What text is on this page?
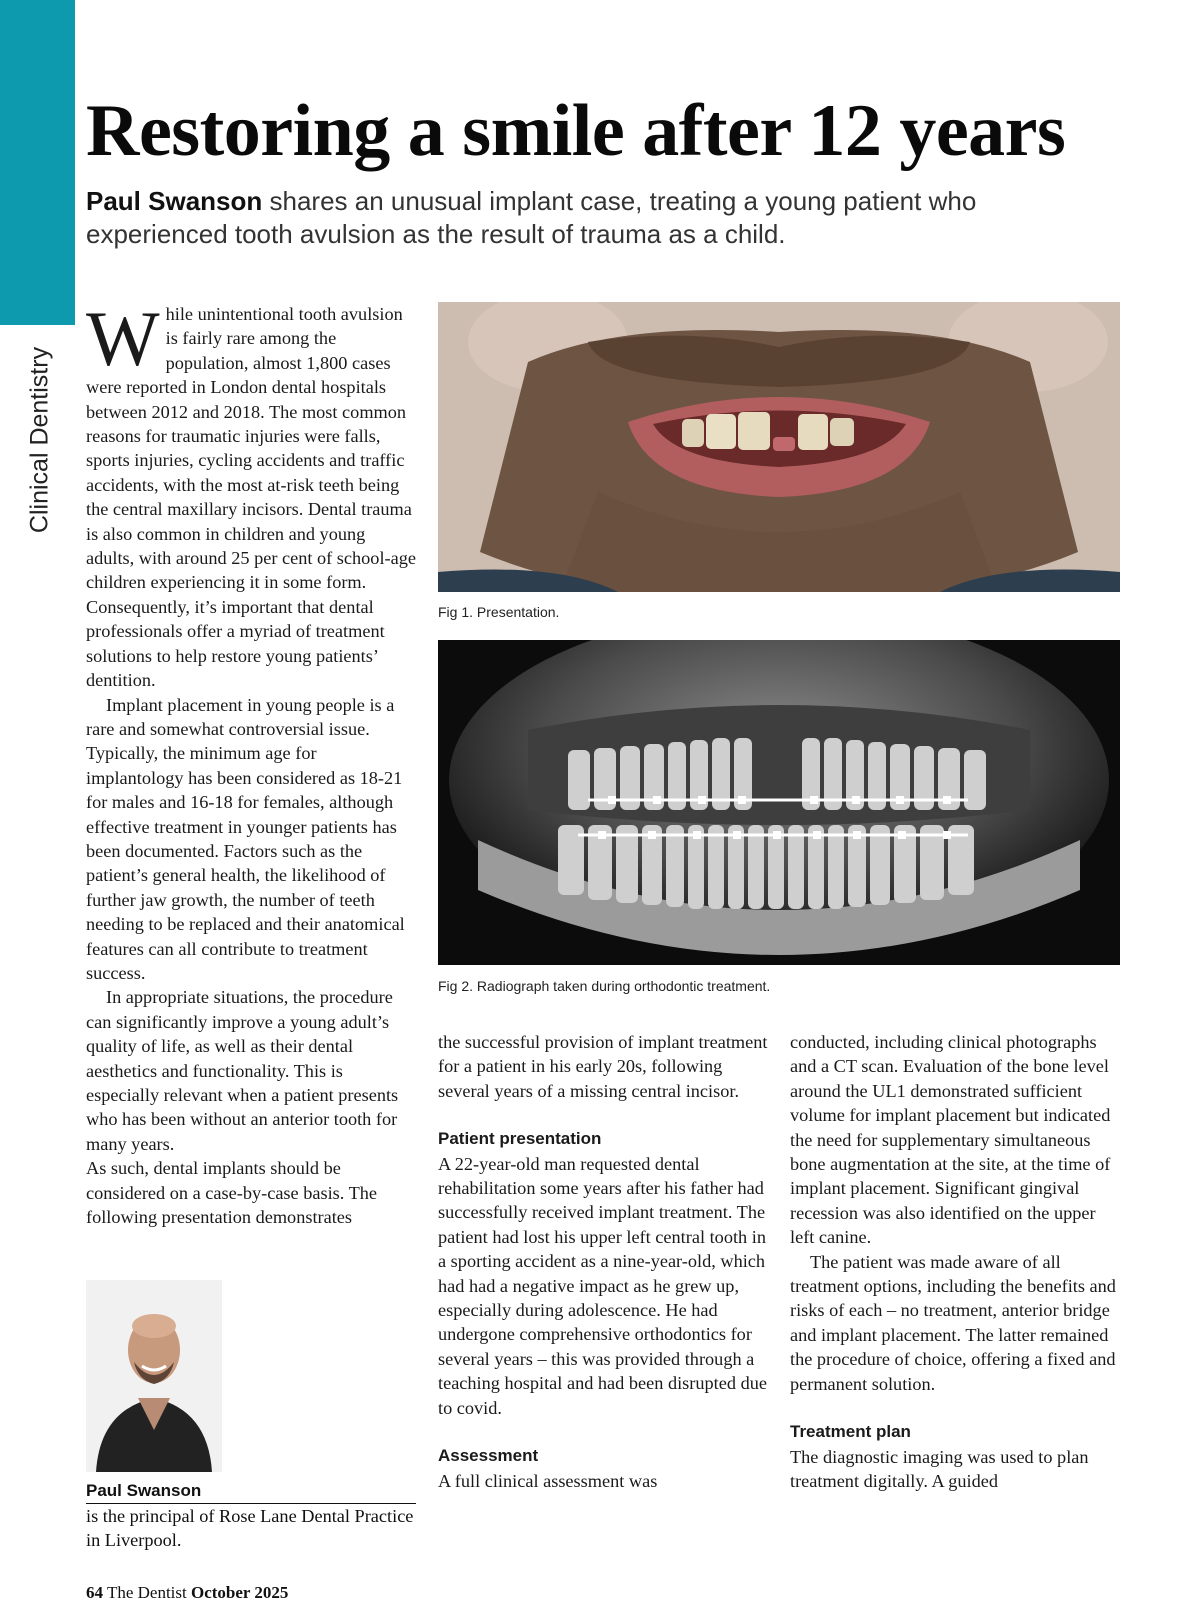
Clinical Dentistry
Restoring a smile after 12 years

Paul Swanson shares an unusual implant case, treating a young patient who experienced tooth avulsion as the result of trauma as a child.

While unintentional tooth avulsion is fairly rare among the population, almost 1,800 cases were reported in London dental hospitals between 2012 and 2018. The most common reasons for traumatic injuries were falls, sports injuries, cycling accidents and traffic accidents, with the most at-risk teeth being the central maxillary incisors. Dental trauma is also common in children and young adults, with around 25 per cent of school-age children experiencing it in some form. Consequently, it’s important that dental professionals offer a myriad of treatment solutions to help restore young patients’ dentition.

Implant placement in young people is a rare and somewhat controversial issue. Typically, the minimum age for implantology has been considered as 18-21 for males and 16-18 for females, although effective treatment in younger patients has been documented. Factors such as the patient’s general health, the likelihood of further jaw growth, the number of teeth needing to be replaced and their anatomical features can all contribute to treatment success.

In appropriate situations, the procedure can significantly improve a young adult’s quality of life, as well as their dental aesthetics and functionality. This is especially relevant when a patient presents who has been without an anterior tooth for many years.

As such, dental implants should be considered on a case-by-case basis. The following presentation demonstrates

Fig 1. Presentation.
Fig 2. Radiograph taken during orthodontic treatment.

the successful provision of implant treatment for a patient in his early 20s, following several years of a missing central incisor.

Patient presentation

A 22-year-old man requested dental rehabilitation some years after his father had successfully received implant treatment. The patient had lost his upper left central tooth in a sporting accident as a nine-year-old, which had had a negative impact as he grew up, especially during adolescence. He had undergone comprehensive orthodontics for several years – this was provided through a teaching hospital and had been disrupted due to covid.

Assessment

A full clinical assessment was

conducted, including clinical photographs and a CT scan. Evaluation of the bone level around the UL1 demonstrated sufficient volume for implant placement but indicated the need for supplementary simultaneous bone augmentation at the site, at the time of implant placement. Significant gingival recession was also identified on the upper left canine.

The patient was made aware of all treatment options, including the benefits and risks of each – no treatment, anterior bridge and implant placement. The latter remained the procedure of choice, offering a fixed and permanent solution.

Treatment plan

The diagnostic imaging was used to plan treatment digitally. A guided

Paul Swanson

is the principal of Rose Lane Dental Practice in Liverpool.

64 The Dentist October 2025
